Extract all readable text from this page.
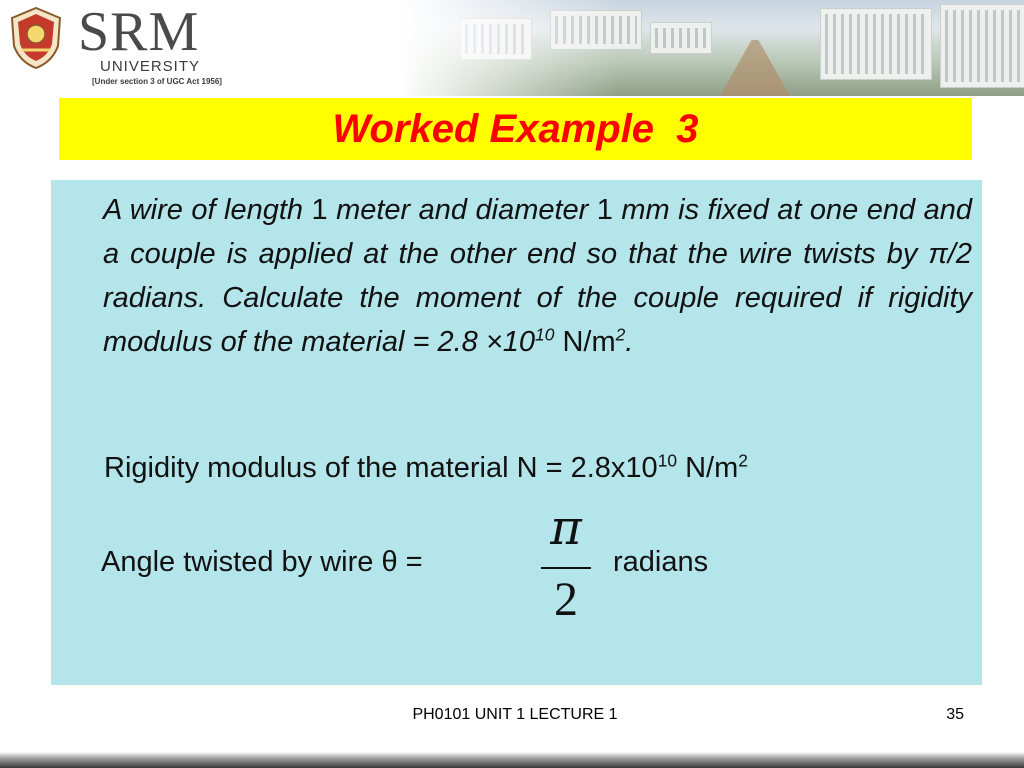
SRM
UNIVERSITY
[Under section 3 of UGC Act 1956]
Worked Example  3

A wire of length 1 meter and diameter 1 mm is fixed at one end and a couple is applied at the other end so that the wire twists by π/2 radians. Calculate the moment of the couple required if rigidity modulus of the material = $2.8 \times 10^{10}$ $N/m^2$.

Rigidity modulus of the material $N = 2.8x10^{10}$ $N/m^2$

Angle twisted by wire θ =

π
2

radians

PH0101 UNIT 1 LECTURE 1	35
